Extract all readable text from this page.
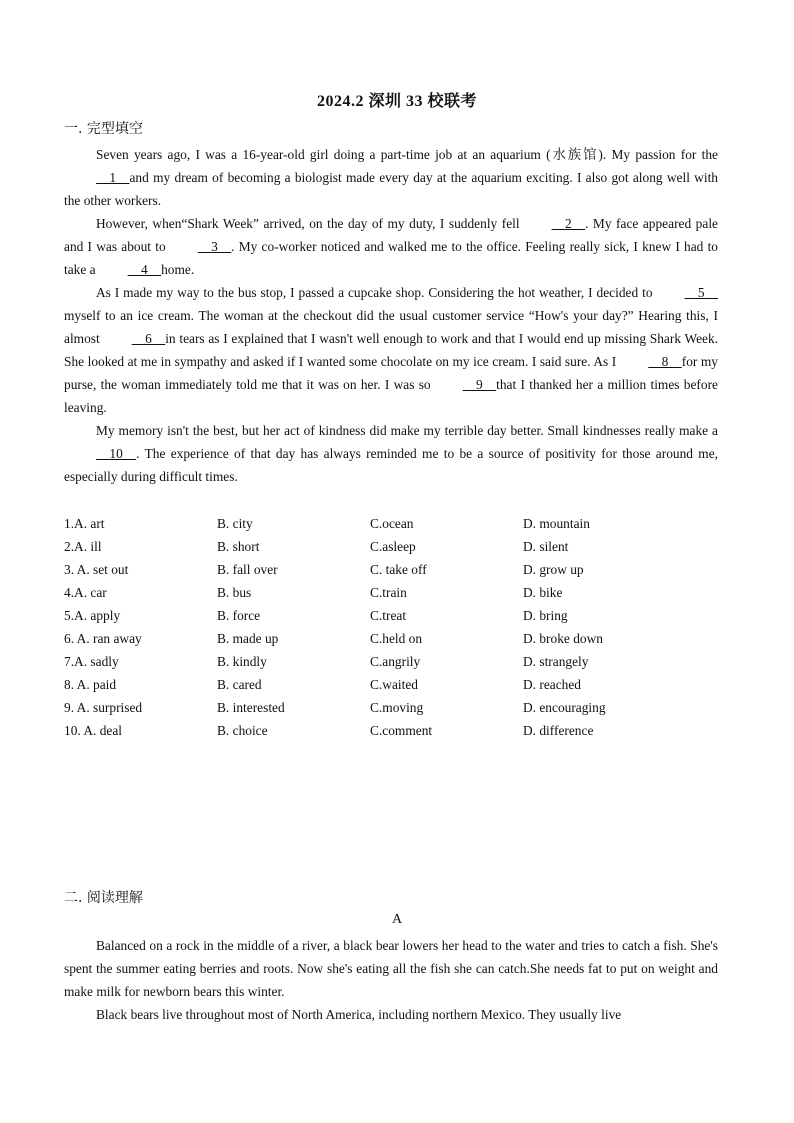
2024.2 深圳 33 校联考
一. 完型填空

Seven years ago, I was a 16-year-old girl doing a part-time job at an aquarium (水族馆). My passion for the    1    and my dream of becoming a biologist made every day at the aquarium exciting. I also got along well with the other workers.

However, when“Shark Week” arrived, on the day of my duty, I suddenly fell    2    . My face appeared pale and I was about to    3    . My co-worker noticed and walked me to the office. Feeling really sick, I knew I had to take a    4    home.

As I made my way to the bus stop, I passed a cupcake shop. Considering the hot weather, I decided to    5    myself to an ice cream. The woman at the checkout did the usual customer service “How's your day?” Hearing this, I almost    6    in tears as I explained that I wasn't well enough to work and that I would end up missing Shark Week. She looked at me in sympathy and asked if I wanted some chocolate on my ice cream. I said sure. As I    8    for my purse, the woman immediately told me that it was on her. I was so    9    that I thanked her a million times before leaving.

My memory isn't the best, but her act of kindness did make my terrible day better. Small kindnesses really make a    10    . The experience of that day has always reminded me to be a source of positivity for those around me, especially during difficult times.

1.A. art	B. city	C.ocean	D. mountain
2.A. ill	B. short	C.asleep	D. silent
3. A. set out	B. fall over	C. take off	D. grow up
4.A. car	B. bus	C.train	D. bike
5.A. apply	B. force	C.treat	D. bring
6. A. ran away	B. made up	C.held on	D. broke down
7.A. sadly	B. kindly	C.angrily	D. strangely
8. A. paid	B. cared	C.waited	D. reached
9. A. surprised	B. interested	C.moving	D. encouraging
10. A. deal	B. choice	C.comment	D. difference
二. 阅读理解
A

Balanced on a rock in the middle of a river, a black bear lowers her head to the water and tries to catch a fish. She's spent the summer eating berries and roots. Now she's eating all the fish she can catch.She needs fat to put on weight and make milk for newborn bears this winter.

Black bears live throughout most of North America, including northern Mexico. They usually live
